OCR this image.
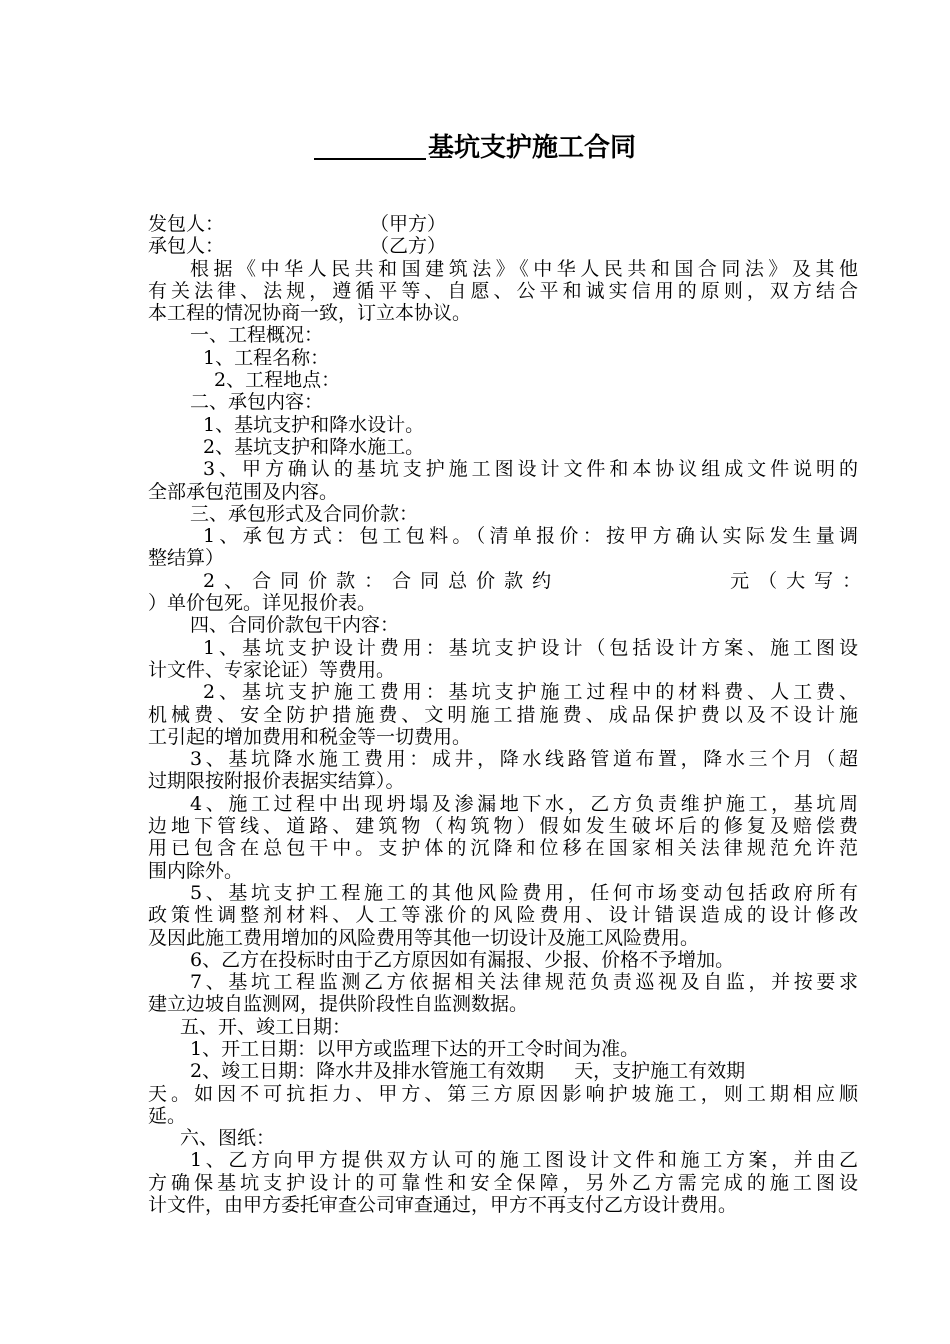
基坑支护施工合同
发包人：	（甲方）
承包人：	（乙方）
根据《中华人民共和国建筑法》《中华人民共和国合同法》及其他
有关法律、法规，遵循平等、自愿、公平和诚实信用的原则，双方结合
本工程的情况协商一致，订立本协议。
一、工程概况：
1、工程名称：
2、工程地点：
二、承包内容：
1、基坑支护和降水设计。
2、基坑支护和降水施工。
3、甲方确认的基坑支护施工图设计文件和本协议组成文件说明的
全部承包范围及内容。
三、承包形式及合同价款：
1、承包方式：包工包料。（清单报价：按甲方确认实际发生量调
整结算）
2、合同价款：合同总价款约	元（大写：
）单价包死。详见报价表。
四、合同价款包干内容：
1、基坑支护设计费用：基坑支护设计（包括设计方案、施工图设
计文件、专家论证）等费用。
2、基坑支护施工费用：基坑支护施工过程中的材料费、人工费、
机械费、安全防护措施费、文明施工措施费、成品保护费以及不设计施
工引起的增加费用和税金等一切费用。
3、基坑降水施工费用：成井，降水线路管道布置，降水三个月（超
过期限按附报价表据实结算）。
4、施工过程中出现坍塌及渗漏地下水，乙方负责维护施工，基坑周
边地下管线、道路、建筑物（构筑物）假如发生破坏后的修复及赔偿费
用已包含在总包干中。支护体的沉降和位移在国家相关法律规范允许范
围内除外。
5、基坑支护工程施工的其他风险费用，任何市场变动包括政府所有
政策性调整剂材料、人工等涨价的风险费用、设计错误造成的设计修改
及因此施工费用增加的风险费用等其他一切设计及施工风险费用。
6、乙方在投标时由于乙方原因如有漏报、少报、价格不予增加。
7、基坑工程监测乙方依据相关法律规范负责巡视及自监，并按要求
建立边坡自监测网，提供阶段性自监测数据。
五、开、竣工日期：
1、开工日期：以甲方或监理下达的开工令时间为准。
2、竣工日期：降水井及排水管施工有效期 天，支护施工有效期
天。如因不可抗拒力、甲方、第三方原因影响护坡施工，则工期相应顺
延。
六、图纸：
1、乙方向甲方提供双方认可的施工图设计文件和施工方案，并由乙
方确保基坑支护设计的可靠性和安全保障，另外乙方需完成的施工图设
计文件，由甲方委托审查公司审查通过，甲方不再支付乙方设计费用。
